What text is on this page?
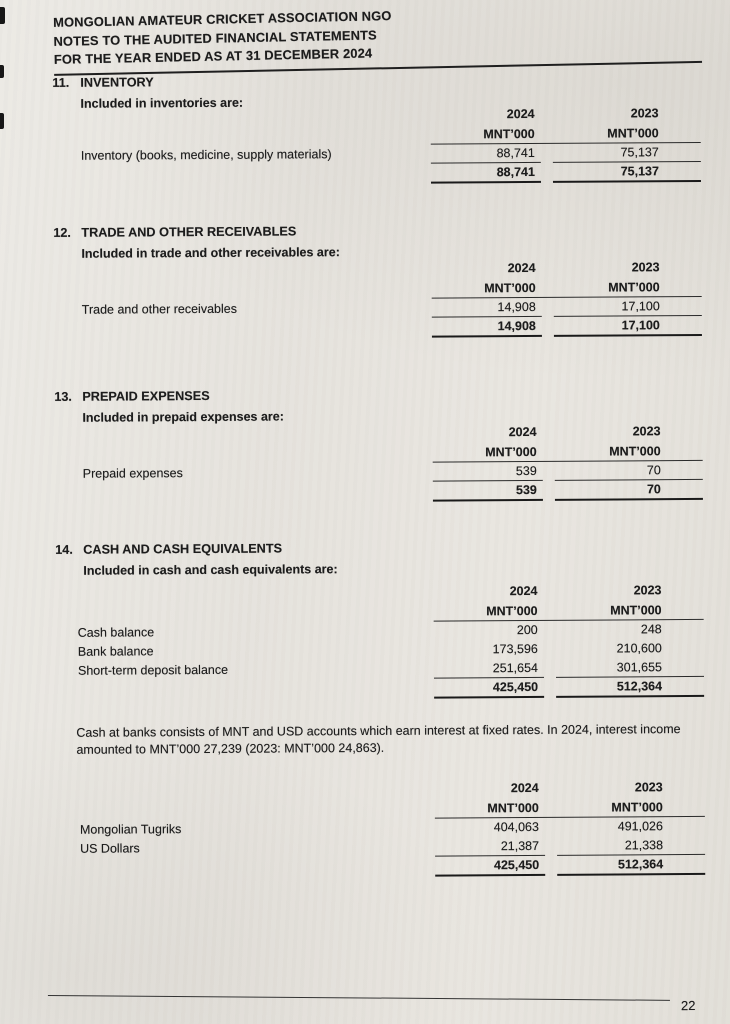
MONGOLIAN AMATEUR CRICKET ASSOCIATION NGO
NOTES TO THE AUDITED FINANCIAL STATEMENTS
FOR THE YEAR ENDED AS AT 31 DECEMBER 2024
11. INVENTORY
Included in inventories are:
2024	2023
MNT’000	MNT’000
Inventory (books, medicine, supply materials)	88,741	75,137
88,741	75,137
12. TRADE AND OTHER RECEIVABLES
Included in trade and other receivables are:
2024	2023
MNT’000	MNT’000
Trade and other receivables	14,908	17,100
14,908	17,100
13. PREPAID EXPENSES
Included in prepaid expenses are:
2024	2023
MNT’000	MNT’000
Prepaid expenses	539	70
539	70
14. CASH AND CASH EQUIVALENTS
Included in cash and cash equivalents are:
2024	2023
MNT’000	MNT’000
Cash balance	200	248
Bank balance	173,596	210,600
Short-term deposit balance	251,654	301,655
425,450	512,364

Cash at banks consists of MNT and USD accounts which earn interest at fixed rates. In 2024, interest income amounted to MNT’000 27,239 (2023: MNT’000 24,863).

2024	2023
MNT’000	MNT’000
Mongolian Tugriks	404,063	491,026
US Dollars	21,387	21,338
425,450	512,364
22
